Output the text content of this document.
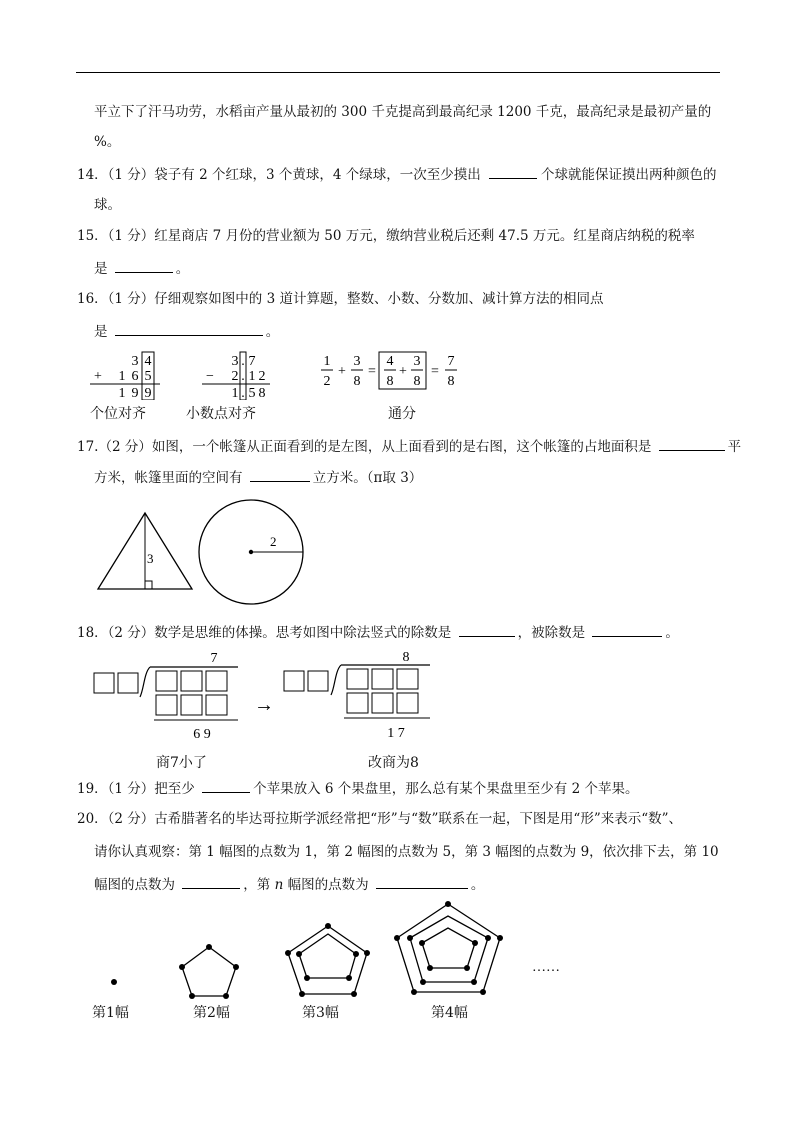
平立下了汗马功劳，水稻亩产量从最初的 300 千克提高到最高纪录 1200 千克，最高纪录是最初产量的
%。
14．（1 分）袋子有 2 个红球，3 个黄球，4 个绿球，一次至少摸出	个球就能保证摸出两种颜色的
球。
15．（1 分）红星商店 7 月份的营业额为 50 万元，缴纳营业税后还剩 47.5 万元。红星商店纳税的税率
是	。
16．（1 分）仔细观察如图中的 3 道计算题，整数、小数、分数加、减计算方法的相同点
是	。
3 4
+ 1 6 5
1 9 9
3 . 7
− 2 . 1 2
1 . 5 8
1
2
+
3
8
=
4
8
+
3
8
=
7
8
个位对齐	小数点对齐	通分
17.（2 分）如图，一个帐篷从正面看到的是左图，从上面看到的是右图，这个帐篷的占地面积是	平
方米，帐篷里面的空间有	立方米。（π取 3）
3
2
18．（2 分）数学是思维的体操。思考如图中除法竖式的除数是	，被除数是	。
7
6 9
→
8
1 7
商7小了	改商为8
19．（1 分）把至少	个苹果放入 6 个果盘里，那么总有某个果盘里至少有 2 个苹果。
20．（2 分）古希腊著名的毕达哥拉斯学派经常把“形”与“数”联系在一起，下图是用“形”来表示“数”、
请你认真观察：第 1 幅图的点数为 1，第 2 幅图的点数为 5，第 3 幅图的点数为 9，依次排下去，第 10
幅图的点数为	，第 n 幅图的点数为	。
……
第1幅	第2幅	第3幅	第4幅
